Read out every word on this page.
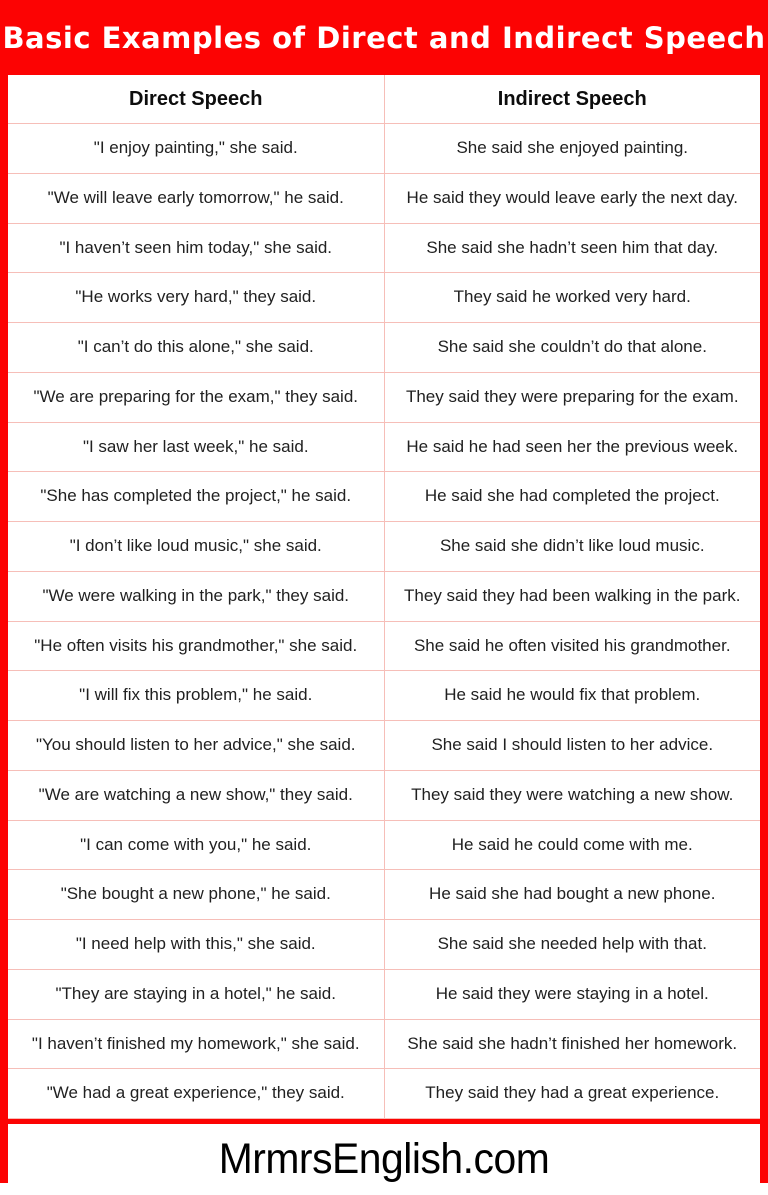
Basic Examples of Direct and Indirect Speech
Direct Speech	Indirect Speech
"I enjoy painting," she said.	She said she enjoyed painting.
"We will leave early tomorrow," he said.	He said they would leave early the next day.
"I haven’t seen him today," she said.	She said she hadn’t seen him that day.
"He works very hard," they said.	They said he worked very hard.
"I can’t do this alone," she said.	She said she couldn’t do that alone.
"We are preparing for the exam," they said.	They said they were preparing for the exam.
"I saw her last week," he said.	He said he had seen her the previous week.
"She has completed the project," he said.	He said she had completed the project.
"I don’t like loud music," she said.	She said she didn’t like loud music.
"We were walking in the park," they said.	They said they had been walking in the park.
"He often visits his grandmother," she said.	She said he often visited his grandmother.
"I will fix this problem," he said.	He said he would fix that problem.
"You should listen to her advice," she said.	She said I should listen to her advice.
"We are watching a new show," they said.	They said they were watching a new show.
"I can come with you," he said.	He said he could come with me.
"She bought a new phone," he said.	He said she had bought a new phone.
"I need help with this," she said.	She said she needed help with that.
"They are staying in a hotel," he said.	He said they were staying in a hotel.
"I haven’t finished my homework," she said.	She said she hadn’t finished her homework.
"We had a great experience," they said.	They said they had a great experience.
MrmrsEnglish.com
